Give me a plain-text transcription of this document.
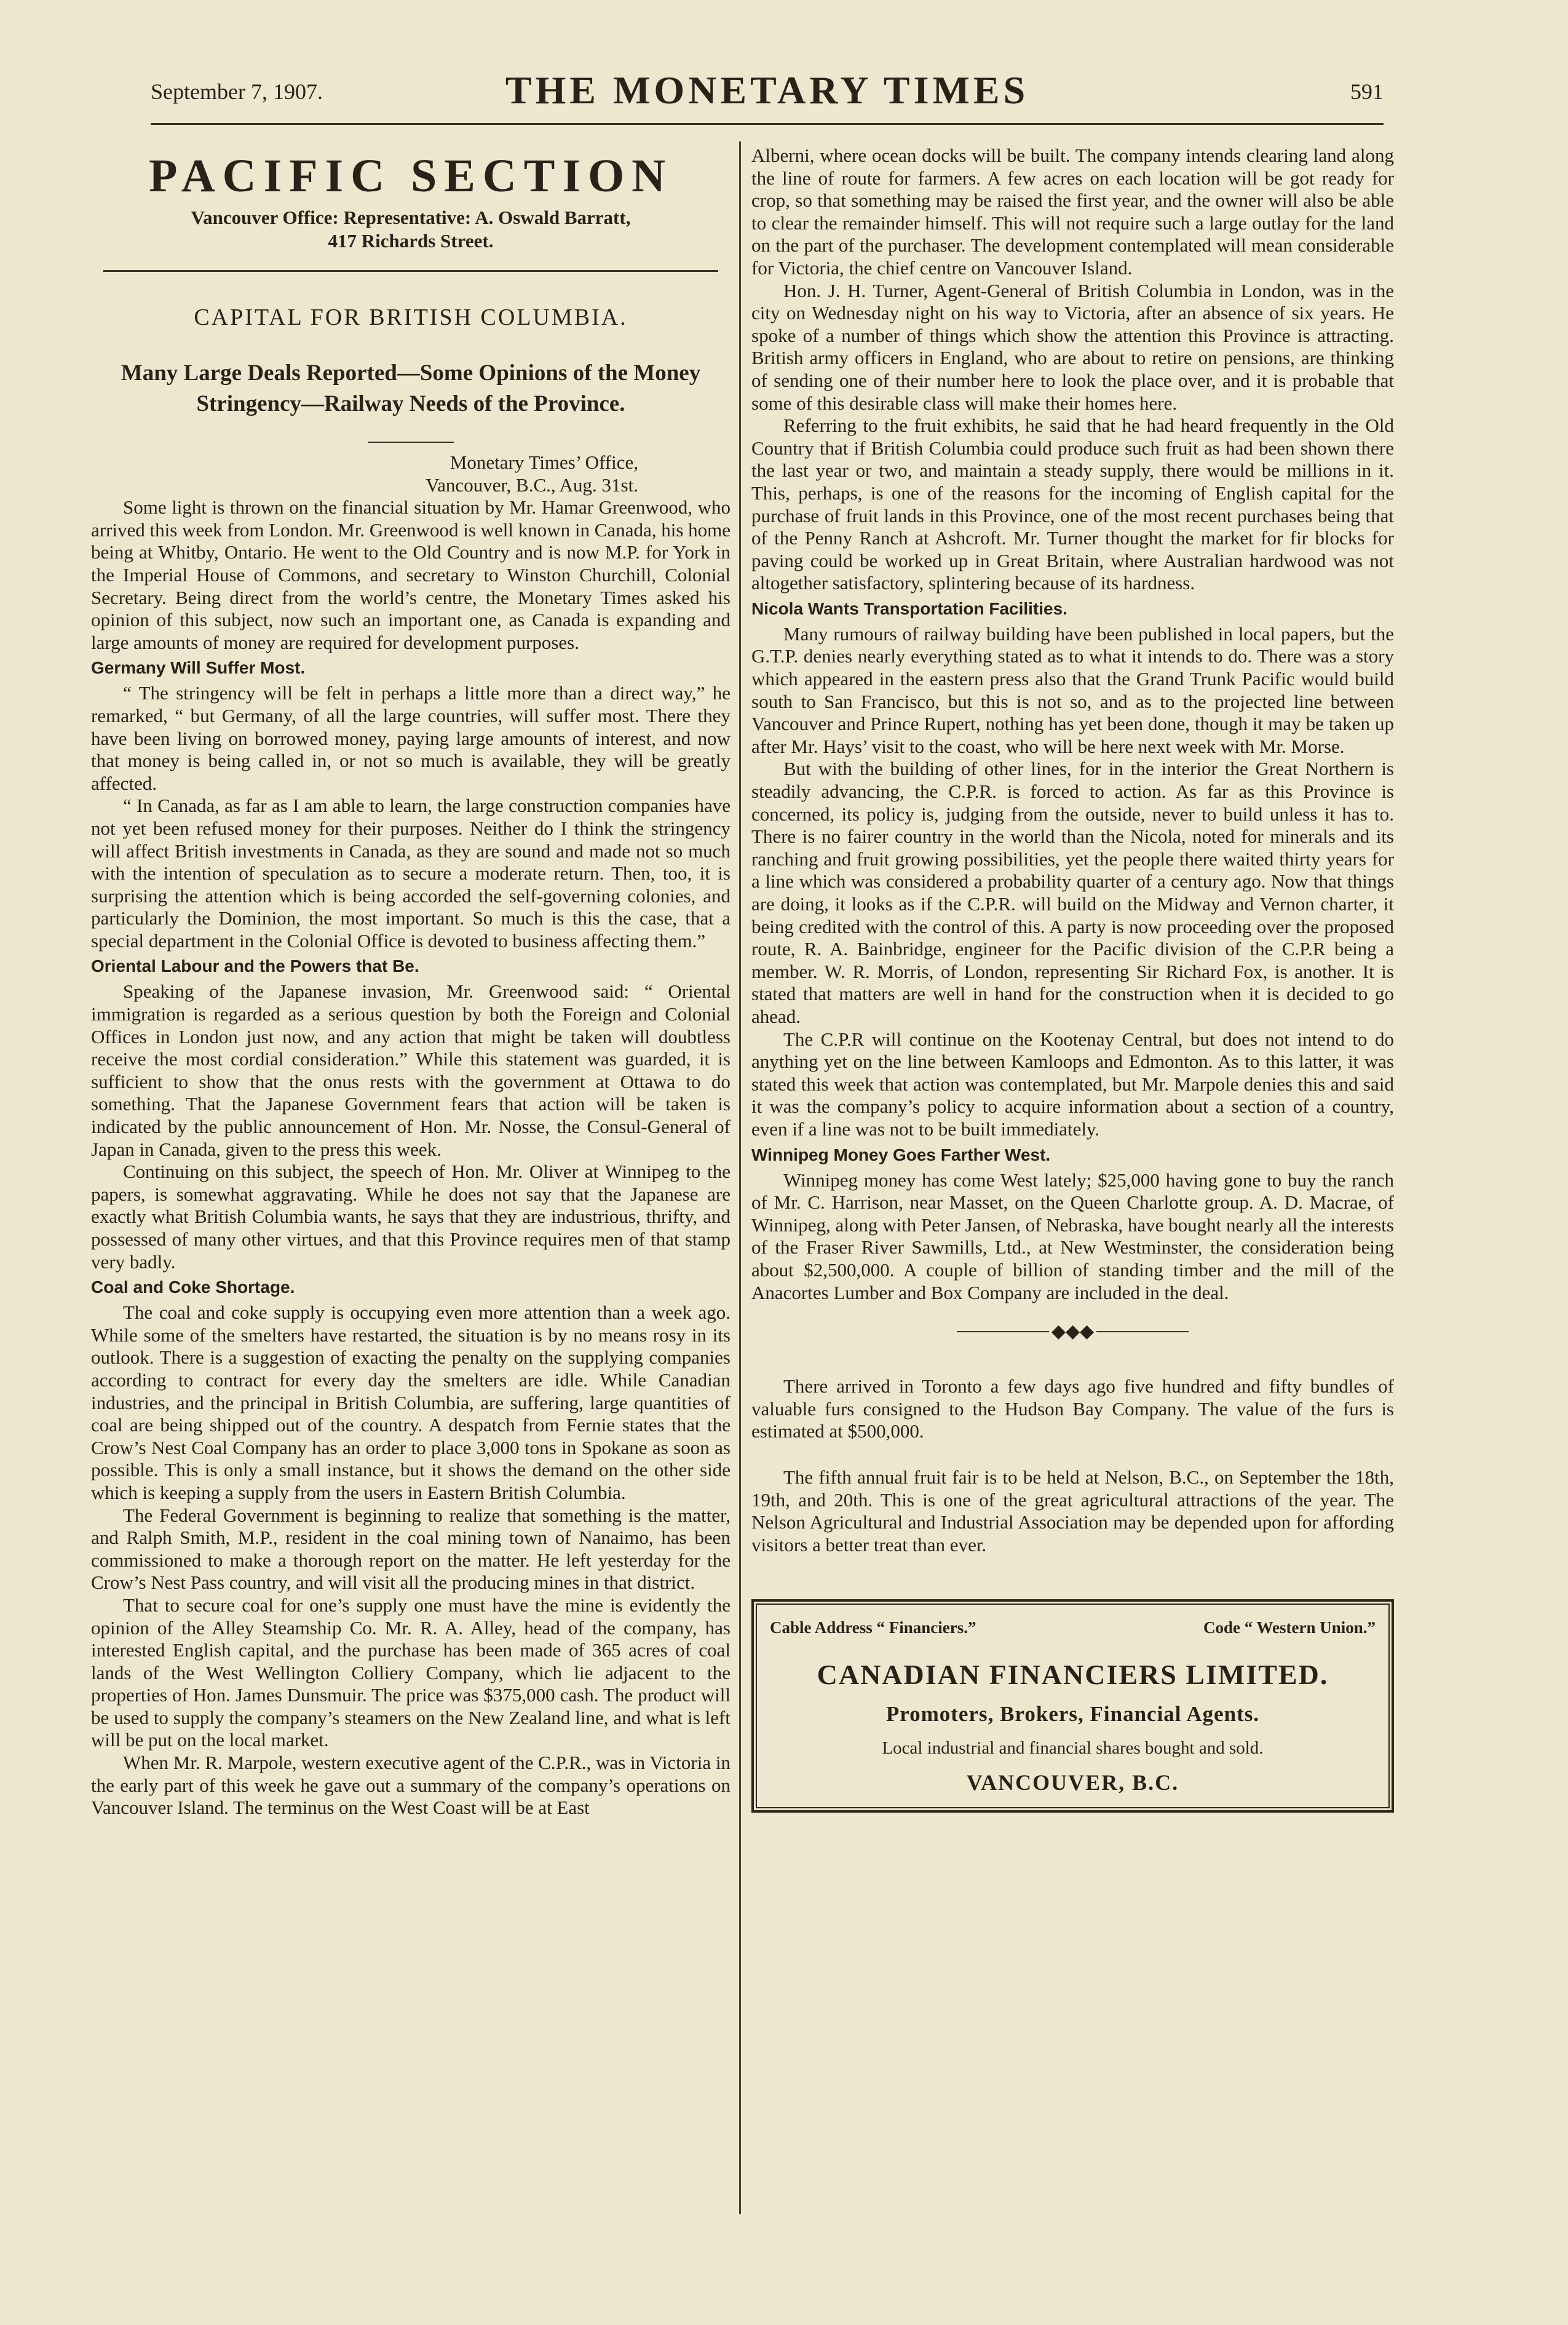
September 7, 1907.	THE MONETARY TIMES	591
PACIFIC SECTION
Vancouver Office: Representative: A. Oswald Barratt,
417 Richards Street.
CAPITAL FOR BRITISH COLUMBIA.
Many Large Deals Reported—Some Opinions of the Money Stringency—Railway Needs of the Province.

Monetary Times’ Office,

Vancouver, B.C., Aug. 31st.

Some light is thrown on the financial situation by Mr. Hamar Greenwood, who arrived this week from London. Mr. Greenwood is well known in Canada, his home being at Whitby, Ontario. He went to the Old Country and is now M.P. for York in the Imperial House of Commons, and secretary to Winston Churchill, Colonial Secretary. Being direct from the world’s centre, the Monetary Times asked his opinion of this subject, now such an important one, as Canada is expanding and large amounts of money are required for development purposes.

Germany Will Suffer Most.

“ The stringency will be felt in perhaps a little more than a direct way,” he remarked, “ but Germany, of all the large countries, will suffer most. There they have been living on borrowed money, paying large amounts of interest, and now that money is being called in, or not so much is available, they will be greatly affected.

“ In Canada, as far as I am able to learn, the large construction companies have not yet been refused money for their purposes. Neither do I think the stringency will affect British investments in Canada, as they are sound and made not so much with the intention of speculation as to secure a moderate return. Then, too, it is surprising the attention which is being accorded the self-governing colonies, and particularly the Dominion, the most important. So much is this the case, that a special department in the Colonial Office is devoted to business affecting them.”

Oriental Labour and the Powers that Be.

Speaking of the Japanese invasion, Mr. Greenwood said: “ Oriental immigration is regarded as a serious question by both the Foreign and Colonial Offices in London just now, and any action that might be taken will doubtless receive the most cordial consideration.” While this statement was guarded, it is sufficient to show that the onus rests with the government at Ottawa to do something. That the Japanese Government fears that action will be taken is indicated by the public announcement of Hon. Mr. Nosse, the Consul-General of Japan in Canada, given to the press this week.

Continuing on this subject, the speech of Hon. Mr. Oliver at Winnipeg to the papers, is somewhat aggravating. While he does not say that the Japanese are exactly what British Columbia wants, he says that they are industrious, thrifty, and possessed of many other virtues, and that this Province requires men of that stamp very badly.

Coal and Coke Shortage.

The coal and coke supply is occupying even more attention than a week ago. While some of the smelters have restarted, the situation is by no means rosy in its outlook. There is a suggestion of exacting the penalty on the supplying companies according to contract for every day the smelters are idle. While Canadian industries, and the principal in British Columbia, are suffering, large quantities of coal are being shipped out of the country. A despatch from Fernie states that the Crow’s Nest Coal Company has an order to place 3,000 tons in Spokane as soon as possible. This is only a small instance, but it shows the demand on the other side which is keeping a supply from the users in Eastern British Columbia.

The Federal Government is beginning to realize that something is the matter, and Ralph Smith, M.P., resident in the coal mining town of Nanaimo, has been commissioned to make a thorough report on the matter. He left yesterday for the Crow’s Nest Pass country, and will visit all the producing mines in that district.

That to secure coal for one’s supply one must have the mine is evidently the opinion of the Alley Steamship Co. Mr. R. A. Alley, head of the company, has interested English capital, and the purchase has been made of 365 acres of coal lands of the West Wellington Colliery Company, which lie adjacent to the properties of Hon. James Dunsmuir. The price was $375,000 cash. The product will be used to supply the company’s steamers on the New Zealand line, and what is left will be put on the local market.

When Mr. R. Marpole, western executive agent of the C.P.R., was in Victoria in the early part of this week he gave out a summary of the company’s operations on Vancouver Island. The terminus on the West Coast will be at East

Alberni, where ocean docks will be built. The company intends clearing land along the line of route for farmers. A few acres on each location will be got ready for crop, so that something may be raised the first year, and the owner will also be able to clear the remainder himself. This will not require such a large outlay for the land on the part of the purchaser. The development contemplated will mean considerable for Victoria, the chief centre on Vancouver Island.

Hon. J. H. Turner, Agent-General of British Columbia in London, was in the city on Wednesday night on his way to Victoria, after an absence of six years. He spoke of a number of things which show the attention this Province is attracting. British army officers in England, who are about to retire on pensions, are thinking of sending one of their number here to look the place over, and it is probable that some of this desirable class will make their homes here.

Referring to the fruit exhibits, he said that he had heard frequently in the Old Country that if British Columbia could produce such fruit as had been shown there the last year or two, and maintain a steady supply, there would be millions in it. This, perhaps, is one of the reasons for the incoming of English capital for the purchase of fruit lands in this Province, one of the most recent purchases being that of the Penny Ranch at Ashcroft. Mr. Turner thought the market for fir blocks for paving could be worked up in Great Britain, where Australian hardwood was not altogether satisfactory, splintering because of its hardness.

Nicola Wants Transportation Facilities.

Many rumours of railway building have been published in local papers, but the G.T.P. denies nearly everything stated as to what it intends to do. There was a story which appeared in the eastern press also that the Grand Trunk Pacific would build south to San Francisco, but this is not so, and as to the projected line between Vancouver and Prince Rupert, nothing has yet been done, though it may be taken up after Mr. Hays’ visit to the coast, who will be here next week with Mr. Morse.

But with the building of other lines, for in the interior the Great Northern is steadily advancing, the C.P.R. is forced to action. As far as this Province is concerned, its policy is, judging from the outside, never to build unless it has to. There is no fairer country in the world than the Nicola, noted for minerals and its ranching and fruit growing possibilities, yet the people there waited thirty years for a line which was considered a probability quarter of a century ago. Now that things are doing, it looks as if the C.P.R. will build on the Midway and Vernon charter, it being credited with the control of this. A party is now proceeding over the proposed route, R. A. Bainbridge, engineer for the Pacific division of the C.P.R being a member. W. R. Morris, of London, representing Sir Richard Fox, is another. It is stated that matters are well in hand for the construction when it is decided to go ahead.

The C.P.R will continue on the Kootenay Central, but does not intend to do anything yet on the line between Kamloops and Edmonton. As to this latter, it was stated this week that action was contemplated, but Mr. Marpole denies this and said it was the company’s policy to acquire information about a section of a country, even if a line was not to be built immediately.

Winnipeg Money Goes Farther West.

Winnipeg money has come West lately; $25,000 having gone to buy the ranch of Mr. C. Harrison, near Masset, on the Queen Charlotte group. A. D. Macrae, of Winnipeg, along with Peter Jansen, of Nebraska, have bought nearly all the interests of the Fraser River Sawmills, Ltd., at New Westminster, the consideration being about $2,500,000. A couple of billion of standing timber and the mill of the Anacortes Lumber and Box Company are included in the deal.

◆◆◆

There arrived in Toronto a few days ago five hundred and fifty bundles of valuable furs consigned to the Hudson Bay Company. The value of the furs is estimated at $500,000.

The fifth annual fruit fair is to be held at Nelson, B.C., on September the 18th, 19th, and 20th. This is one of the great agricultural attractions of the year. The Nelson Agricultural and Industrial Association may be depended upon for affording visitors a better treat than ever.

Cable Address “ Financiers.”	Code “ Western Union.”
CANADIAN FINANCIERS LIMITED.
Promoters, Brokers, Financial Agents.
Local industrial and financial shares bought and sold.
VANCOUVER, B.C.
